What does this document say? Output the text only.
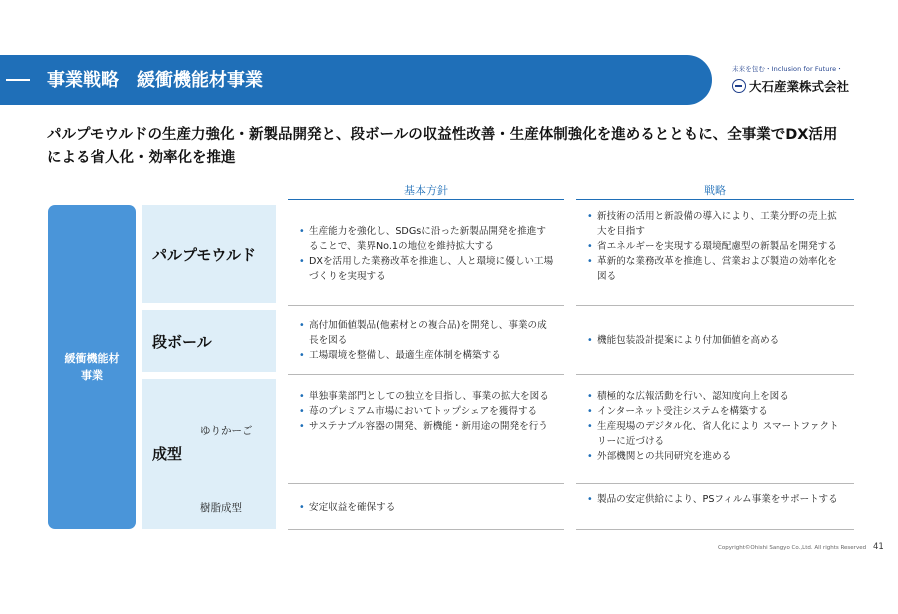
事業戦略　緩衝機能材事業
未来を包む・Inclusion for Future・
大石産業株式会社
パルプモウルドの生産力強化・新製品開発と、段ボールの収益性改善・生産体制強化を進めるとともに、全事業でDX活用による省人化・効率化を推進
基本方針	戦略
緩衝機能材
事業
パルプモウルド
段ボール
成型
ゆりかーご
樹脂成型
• 生産能力を強化し、SDGsに沿った新製品開発を推進することで、業界No.1の地位を維持拡大する
• DXを活用した業務改革を推進し、人と環境に優しい工場づくりを実現する
• 新技術の活用と新設備の導入により、工業分野の売上拡大を目指す
• 省エネルギーを実現する環境配慮型の新製品を開発する
• 革新的な業務改革を推進し、営業および製造の効率化を図る
• 高付加価値製品(他素材との複合品)を開発し、事業の成長を図る
• 工場環境を整備し、最適生産体制を構築する
• 機能包装設計提案により付加価値を高める
• 単独事業部門としての独立を目指し、事業の拡大を図る
• 苺のプレミアム市場においてトップシェアを獲得する
• サステナブル容器の開発、新機能・新用途の開発を行う
• 積極的な広報活動を行い、認知度向上を図る
• インターネット受注システムを構築する
• 生産現場のデジタル化、省人化により スマートファクトリーに近づける
• 外部機関との共同研究を進める
• 安定収益を確保する
• 製品の安定供給により、PSフィルム事業をサポートする
Copyright©Ohishi Sangyo Co.,Ltd. All rights Reserved 41
